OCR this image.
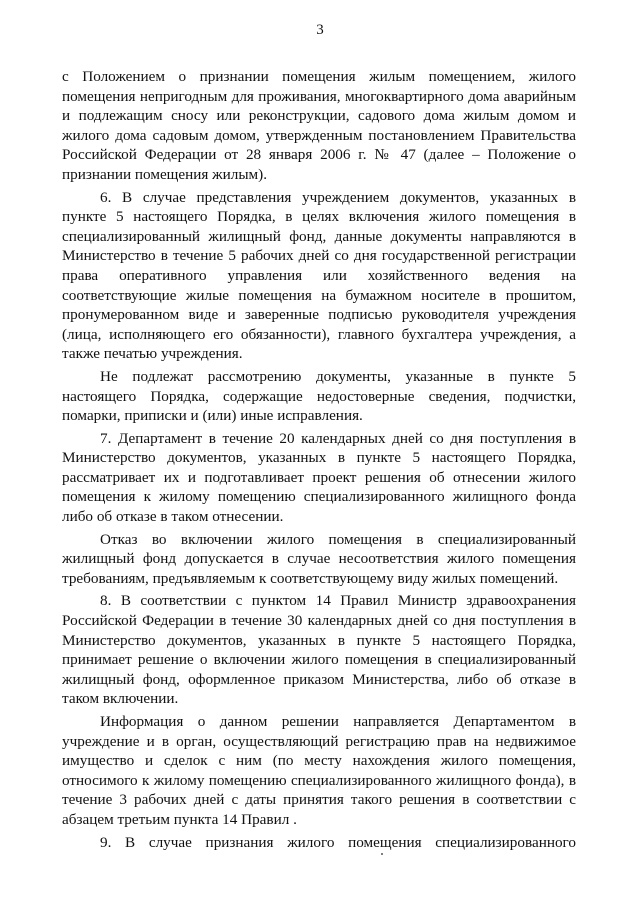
3

с Положением о признании помещения жилым помещением, жилого помещения непригодным для проживания, многоквартирного дома аварийным и подлежащим сносу или реконструкции, садового дома жилым домом и жилого дома садовым домом, утвержденным постановлением Правительства Российской Федерации от 28 января 2006 г. № 47 (далее – Положение о признании помещения жилым).

6. В случае представления учреждением документов, указанных в пункте 5 настоящего Порядка, в целях включения жилого помещения в специализированный жилищный фонд, данные документы направляются в Министерство в течение 5 рабочих дней со дня государственной регистрации права оперативного управления или хозяйственного ведения на соответствующие жилые помещения на бумажном носителе в прошитом, пронумерованном виде и заверенные подписью руководителя учреждения (лица, исполняющего его обязанности), главного бухгалтера учреждения, а также печатью учреждения.

Не подлежат рассмотрению документы, указанные в пункте 5 настоящего Порядка, содержащие недостоверные сведения, подчистки, помарки, приписки и (или) иные исправления.

7. Департамент в течение 20 календарных дней со дня поступления в Министерство документов, указанных в пункте 5 настоящего Порядка, рассматривает их и подготавливает проект решения об отнесении жилого помещения к жилому помещению специализированного жилищного фонда либо об отказе в таком отнесении.

Отказ во включении жилого помещения в специализированный жилищный фонд допускается в случае несоответствия жилого помещения требованиям, предъявляемым к соответствующему виду жилых помещений.

8. В соответствии с пунктом 14 Правил Министр здравоохранения Российской Федерации в течение 30 календарных дней со дня поступления в Министерство документов, указанных в пункте 5 настоящего Порядка, принимает решение о включении жилого помещения в специализированный жилищный фонд, оформленное приказом Министерства, либо об отказе в таком включении.

Информация о данном решении направляется Департаментом в учреждение и в орган, осуществляющий регистрацию прав на недвижимое имущество и сделок с ним (по месту нахождения жилого помещения, относимого к жилому помещению специализированного жилищного фонда), в течение 3 рабочих дней с даты принятия такого решения в соответствии с абзацем третьим пункта 14 Правил .

9. В случае признания жилого помещения специализированного
